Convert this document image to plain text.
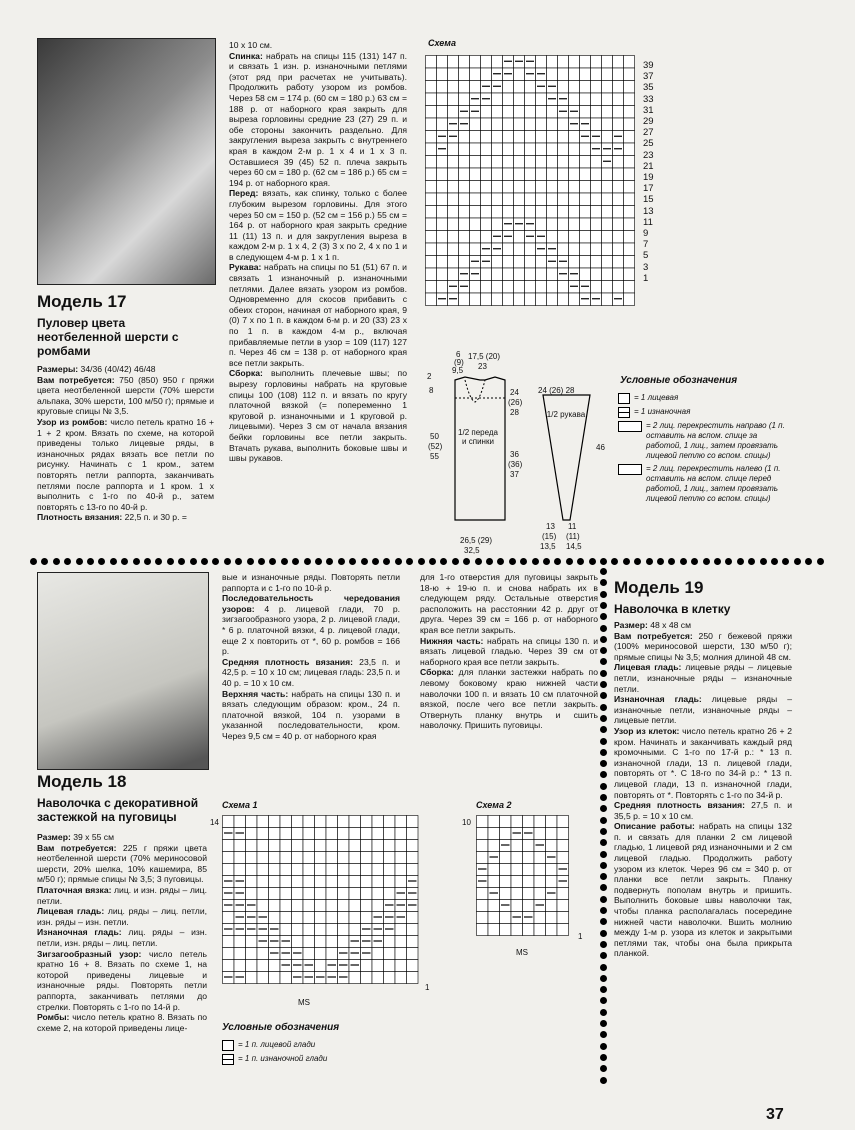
Модель 17
Пуловер цвета неотбеленной шерсти с ромбами

Размеры: 34/36 (40/42) 46/48

Вам потребуется: 750 (850) 950 г пряжи цвета неотбеленной шерсти (70% шерсти альпака, 30% шерсти, 100 м/50 г); прямые и круговые спицы № 3,5.

Узор из ромбов: число петель кратно 16 + 1 + 2 кром. Вязать по схеме, на которой приведены только лицевые ряды, в изнаночных рядах вязать все петли по рисунку. Начинать с 1 кром., затем повторять петли раппорта, заканчивать петлями после раппорта и 1 кром. 1 х выполнить с 1-го по 40-й р., затем повторять с 13-го по 40-й р.

Плотность вязания: 22,5 п. и 30 р. =

10 х 10 см.

Спинка: набрать на спицы 115 (131) 147 п. и связать 1 изн. р. изнаночными петлями (этот ряд при расчетах не учитывать). Продолжить работу узором из ромбов. Через 58 см = 174 р. (60 см = 180 р.) 63 см = 188 р. от наборного края закрыть для выреза горловины средние 23 (27) 29 п. и обе стороны закончить раздельно. Для закругления выреза закрыть с внутреннего края в каждом 2-м р. 1 х 4 и 1 х 3 п. Оставшиеся 39 (45) 52 п. плеча закрыть через 60 см = 180 р. (62 см = 186 р.) 65 см = 194 р. от наборного края.

Перед: вязать, как спинку, только с более глубоким вырезом горловины. Для этого через 50 см = 150 р. (52 см = 156 р.) 55 см = 164 р. от наборного края закрыть средние 11 (11) 13 п. и для закругления выреза в каждом 2-м р. 1 х 4, 2 (3) 3 х по 2, 4 х по 1 и в следующем 4-м р. 1 х 1 п.

Рукава: набрать на спицы по 51 (51) 67 п. и связать 1 изнаночный р. изнаночными петлями. Далее вязать узором из ромбов. Одновременно для скосов прибавить с обеих сторон, начиная от наборного края, 9 (0) 7 х по 1 п. в каждом 6-м р. и 20 (33) 23 х по 1 п. в каждом 4-м р., включая прибавляемые петли в узор = 109 (117) 127 п. Через 46 см = 138 р. от наборного края все петли закрыть.

Сборка: выполнить плечевые швы; по вырезу горловины набрать на круговые спицы 100 (108) 112 п. и вязать по кругу платочной вязкой (= попеременно 1 круговой р. изнаночными и 1 круговой р. лицевыми). Через 3 см от начала вязания бейки горловины все петли закрыть. Втачать рукава, выполнить боковые швы и швы рукавов.

Схема
39
37
35
33
31
29
27
25
23
21
19
17
15
13
11
9
7
5
3
1
1/2 переда и спинки
1/2 рукава
6
(9)
9,5
17,5 (20)
23
2
8	24
(26)
28
24 (26) 28
50
(52)
55	36
(36)
37
46
26,5 (29)
32,5
13
(15)
13,5
11
(11)
14,5
Условные обозначения
= 1 лицевая
= 1 изнаночная
= 2 лиц. перекрестить направо (1 п. оставить на вспом. спице за работой, 1 лиц., затем провязать лицевой петлю со вспом. спицы)
= 2 лиц. перекрестить налево (1 п. оставить на вспом. спице перед работой, 1 лиц., затем провязать лицевой петлю со вспом. спицы)
Модель 18
Наволочка с декоративной застежкой на пуговицы

Размер: 39 х 55 см

Вам потребуется: 225 г пряжи цвета неотбеленной шерсти (70% мериносовой шерсти, 20% шелка, 10% кашемира, 85 м/50 г); прямые спицы № 3,5; 3 пуговицы.

Платочная вязка: лиц. и изн. ряды – лиц. петли.

Лицевая гладь: лиц. ряды – лиц. петли, изн. ряды – изн. петли.

Изнаночная гладь: лиц. ряды – изн. петли, изн. ряды – лиц. петли.

Зигзагообразный узор: число петель кратно 16 + 8. Вязать по схеме 1, на которой приведены лицевые и изнаночные ряды. Повторять петли раппорта, заканчивать петлями до стрелки. Повторять с 1-го по 14-й р.

Ромбы: число петель кратно 8. Вязать по схеме 2, на которой приведены лице-

вые и изнаночные ряды. Повторять петли раппорта и с 1-го по 10-й р.

Последовательность чередования узоров: 4 р. лицевой глади, 70 р. зигзагообразного узора, 2 р. лицевой глади, * 6 р. платочной вязки, 4 р. лицевой глади, еще 2 х повторить от *, 60 р. ромбов = 166 р.

Средняя плотность вязания: 23,5 п. и 42,5 р. = 10 х 10 см; лицевая гладь: 23,5 п. и 40 р. = 10 х 10 см.

Верхняя часть: набрать на спицы 130 п. и вязать следующим образом: кром., 24 п. платочной вязкой, 104 п. узорами в указанной последовательности, кром. Через 9,5 см = 40 р. от наборного края

для 1-го отверстия для пуговицы закрыть 18-ю + 19-ю п. и снова набрать их в следующем ряду. Остальные отверстия расположить на расстоянии 42 р. друг от друга. Через 39 см = 166 р. от наборного края все петли закрыть.

Нижняя часть: набрать на спицы 130 п. и вязать лицевой гладью. Через 39 см от наборного края все петли закрыть.

Сборка: для планки застежки набрать по левому боковому краю нижней части наволочки 100 п. и вязать 10 см платочной вязкой, после чего все петли закрыть. Отвернуть планку внутрь и сшить наволочку. Пришить пуговицы.

Схема 1
14
1
MS
Схема 2
10
1
MS
Условные обозначения
= 1 п. лицевой глади
= 1 п. изнаночной глади
Модель 19
Наволочка в клетку

Размер: 48 х 48 см

Вам потребуется: 250 г бежевой пряжи (100% мериносовой шерсти, 130 м/50 г); прямые спицы № 3,5; молния длиной 48 см.

Лицевая гладь: лицевые ряды – лицевые петли, изнаночные ряды – изнаночные петли.

Изнаночная гладь: лицевые ряды – изнаночные петли, изнаночные ряды – лицевые петли.

Узор из клеток: число петель кратно 26 + 2 кром. Начинать и заканчивать каждый ряд кромочными. С 1-го по 17-й р.: * 13 п. изнаночной глади, 13 п. лицевой глади, повторять от *. С 18-го по 34-й р.: * 13 п. лицевой глади, 13 п. изнаночной глади, повторять от *. Повторять с 1-го по 34-й р.

Средняя плотность вязания: 27,5 п. и 35,5 р. = 10 х 10 см.

Описание работы: набрать на спицы 132 п. и связать для планки 2 см лицевой гладью, 1 лицевой ряд изнаночными и 2 см лицевой гладью. Продолжить работу узором из клеток. Через 96 см = 340 р. от планки все петли закрыть. Планку подвернуть пополам внутрь и пришить. Выполнить боковые швы наволочки так, чтобы планка располагалась посередине нижней части наволочки. Вшить молнию между 1-м р. узора из клеток и закрытыми петлями так, чтобы она была прикрыта планкой.

37
